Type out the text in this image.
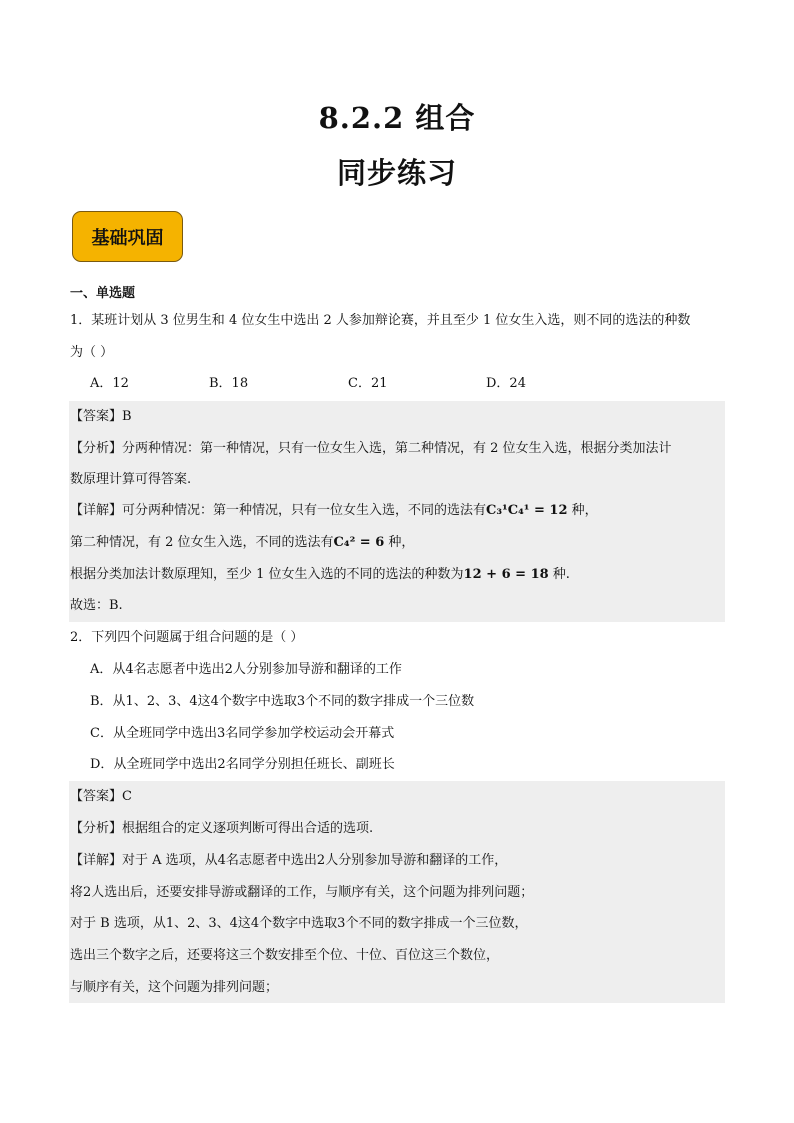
8.2.2 组合
同步练习
基础巩固
一、单选题
1．某班计划从 3 位男生和 4 位女生中选出 2 人参加辩论赛，并且至少 1 位女生入选，则不同的选法的种数
为（ ）
A．12	B．18	C．21	D．24
【答案】B
【分析】分两种情况：第一种情况，只有一位女生入选，第二种情况，有 2 位女生入选，根据分类加法计
数原理计算可得答案.
【详解】可分两种情况：第一种情况，只有一位女生入选，不同的选法有C₃¹C₄¹ = 12 种，
第二种情况，有 2 位女生入选，不同的选法有C₄² = 6 种，
根据分类加法计数原理知，至少 1 位女生入选的不同的选法的种数为12 + 6 = 18 种.
故选：B.
2．下列四个问题属于组合问题的是（ ）
A．从4名志愿者中选出2人分别参加导游和翻译的工作
B．从1、2、3、4这4个数字中选取3个不同的数字排成一个三位数
C．从全班同学中选出3名同学参加学校运动会开幕式
D．从全班同学中选出2名同学分别担任班长、副班长
【答案】C
【分析】根据组合的定义逐项判断可得出合适的选项.
【详解】对于 A 选项，从4名志愿者中选出2人分别参加导游和翻译的工作，
将2人选出后，还要安排导游或翻译的工作，与顺序有关，这个问题为排列问题；
对于 B 选项，从1、2、3、4这4个数字中选取3个不同的数字排成一个三位数，
选出三个数字之后，还要将这三个数安排至个位、十位、百位这三个数位，
与顺序有关，这个问题为排列问题；
